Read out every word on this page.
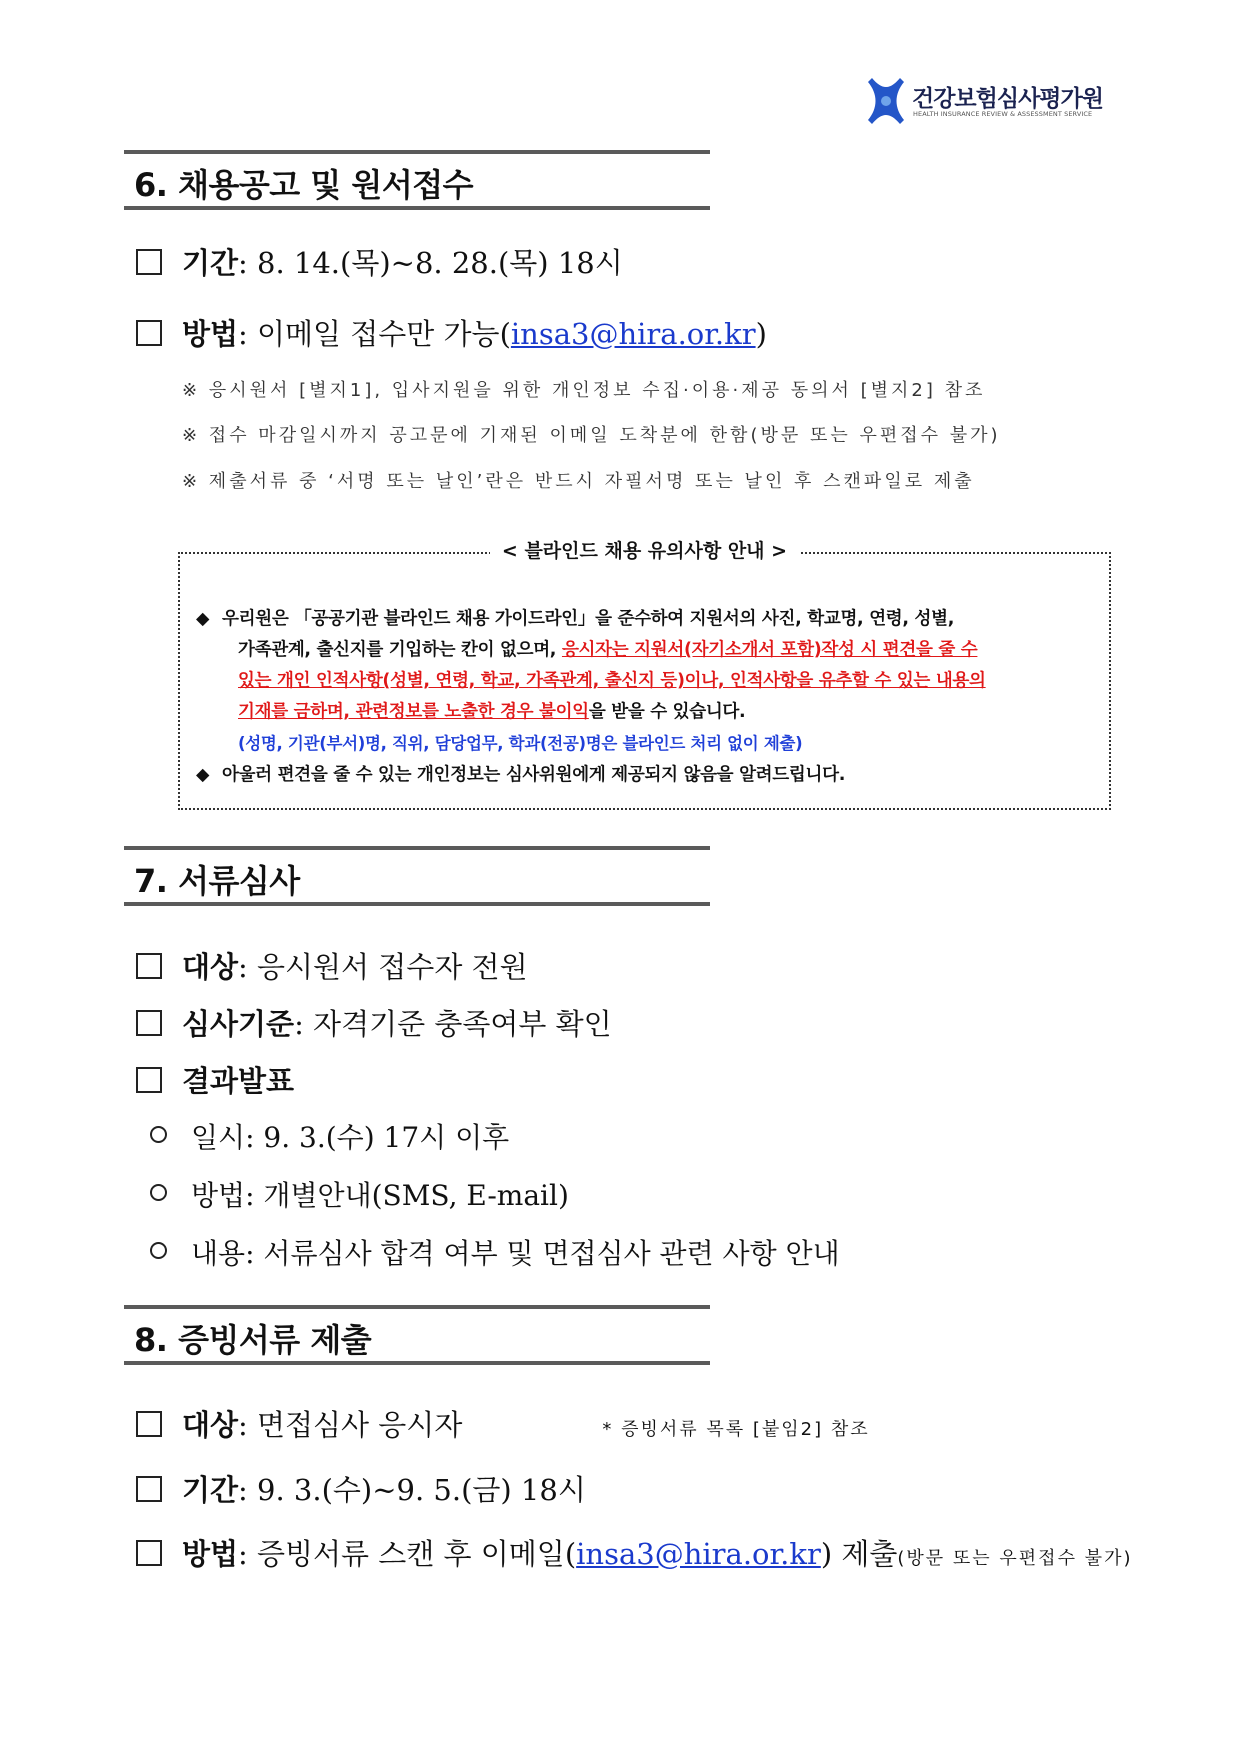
건강보험심사평가원
HEALTH INSURANCE REVIEW & ASSESSMENT SERVICE
6. 채용공고 및 원서접수
기간: 8. 14.(목)~8. 28.(목) 18시
방법: 이메일 접수만 가능(insa3@hira.or.kr)
※ 응시원서 [별지1], 입사지원을 위한 개인정보 수집·이용·제공 동의서 [별지2] 참조
※ 접수 마감일시까지 공고문에 기재된 이메일 도착분에 한함(방문 또는 우편접수 불가)
※ 제출서류 중 ‘서명 또는 날인’란은 반드시 자필서명 또는 날인 후 스캔파일로 제출
< 블라인드 채용 유의사항 안내 >
◆ 우리원은 「공공기관 블라인드 채용 가이드라인」을 준수하여 지원서의 사진, 학교명, 연령, 성별,
가족관계, 출신지를 기입하는 칸이 없으며, 응시자는 지원서(자기소개서 포함)작성 시 편견을 줄 수
있는 개인 인적사항(성별, 연령, 학교, 가족관계, 출신지 등)이나, 인적사항을 유추할 수 있는 내용의
기재를 금하며, 관련정보를 노출한 경우 불이익을 받을 수 있습니다.
(성명, 기관(부서)명, 직위, 담당업무, 학과(전공)명은 블라인드 처리 없이 제출)
◆ 아울러 편견을 줄 수 있는 개인정보는 심사위원에게 제공되지 않음을 알려드립니다.
7. 서류심사
대상: 응시원서 접수자 전원
심사기준: 자격기준 충족여부 확인
결과발표
일시: 9. 3.(수) 17시 이후
방법: 개별안내(SMS, E-mail)
내용: 서류심사 합격 여부 및 면접심사 관련 사항 안내
8. 증빙서류 제출
대상: 면접심사 응시자	* 증빙서류 목록 [붙임2] 참조
기간: 9. 3.(수)~9. 5.(금) 18시
방법: 증빙서류 스캔 후 이메일(insa3@hira.or.kr) 제출(방문 또는 우편접수 불가)
